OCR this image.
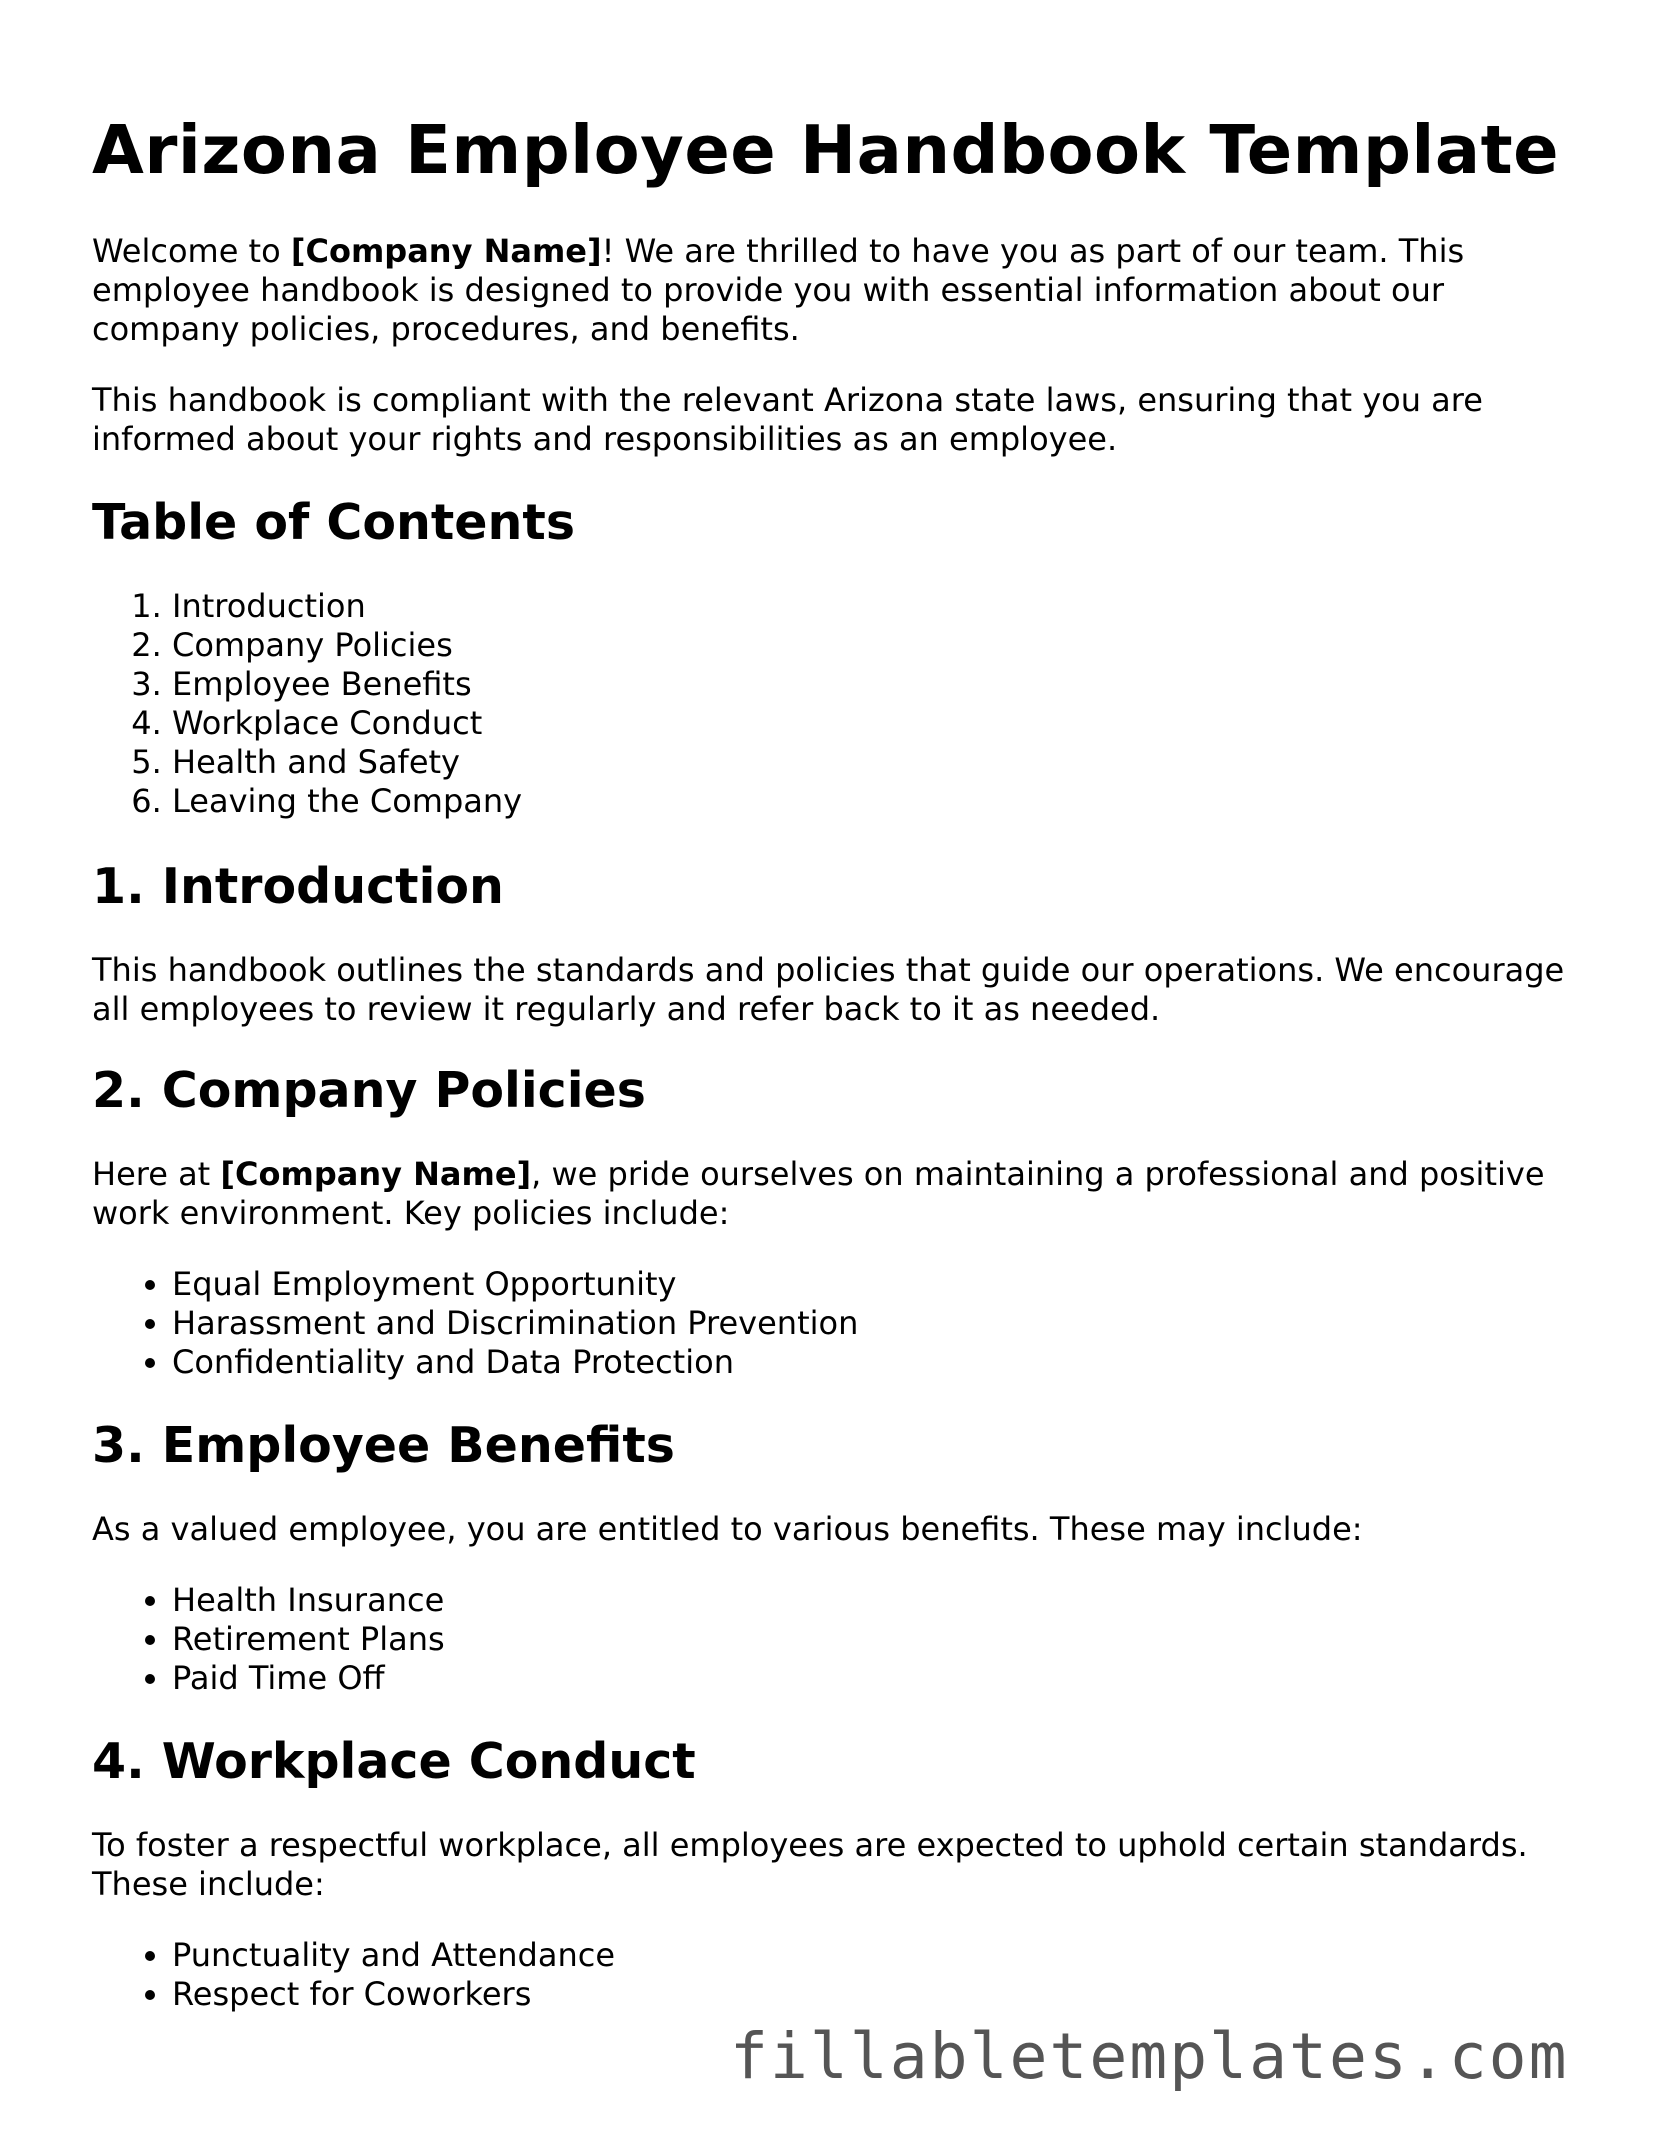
Arizona Employee Handbook Template

Welcome to [Company Name]! We are thrilled to have you as part of our team. This employee handbook is designed to provide you with essential information about our company policies, procedures, and benefits.

This handbook is compliant with the relevant Arizona state laws, ensuring that you are informed about your rights and responsibilities as an employee.

Table of Contents
1. Introduction
2. Company Policies
3. Employee Benefits
4. Workplace Conduct
5. Health and Safety
6. Leaving the Company
1. Introduction

This handbook outlines the standards and policies that guide our operations. We encourage all employees to review it regularly and refer back to it as needed.

2. Company Policies

Here at [Company Name], we pride ourselves on maintaining a professional and positive work environment. Key policies include:

• Equal Employment Opportunity
• Harassment and Discrimination Prevention
• Confidentiality and Data Protection
3. Employee Benefits

As a valued employee, you are entitled to various benefits. These may include:

• Health Insurance
• Retirement Plans
• Paid Time Off
4. Workplace Conduct

To foster a respectful workplace, all employees are expected to uphold certain standards. These include:

• Punctuality and Attendance
• Respect for Coworkers
fillabletemplates.com
